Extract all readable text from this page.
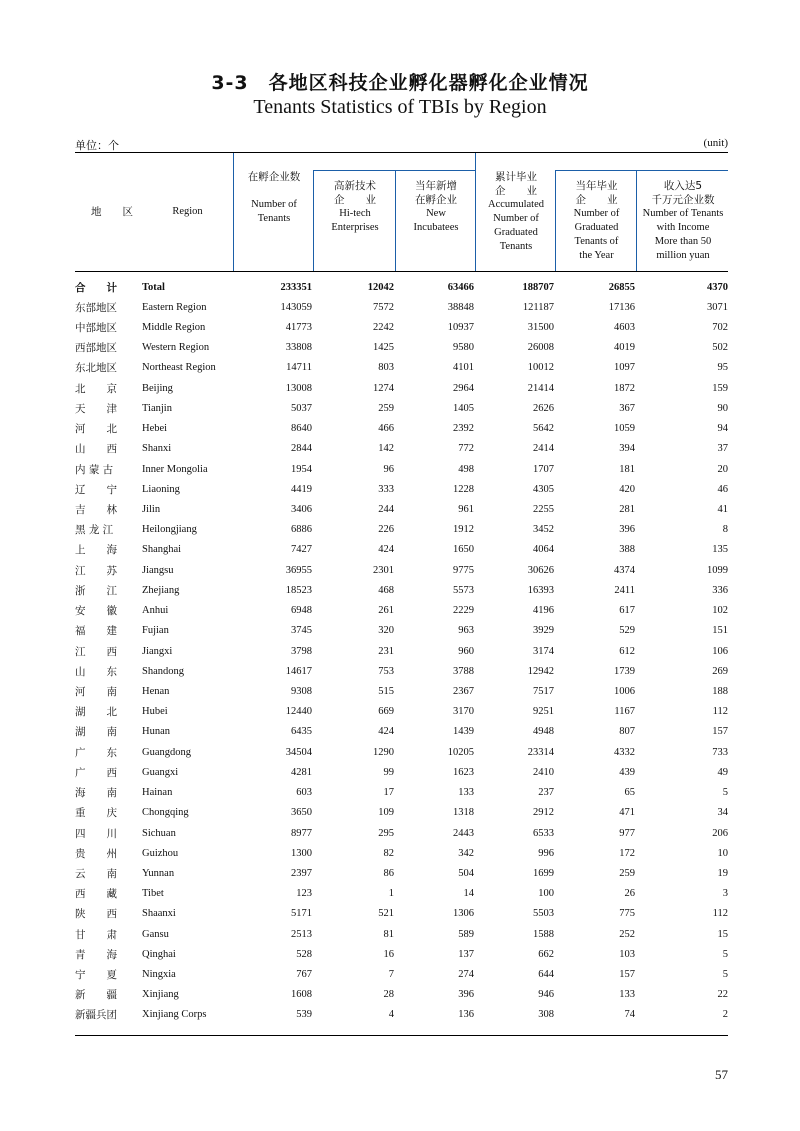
3-3　各地区科技企业孵化器孵化企业情况
Tenants Statistics of TBIs by Region
单位：个	(unit)
地　　区	Region
在孵企业数
Number of
Tenants
高新技术
企　　业
Hi-tech
Enterprises
当年新增
在孵企业
New
Incubatees
累计毕业
企　　业
Accumulated
Number of
Graduated
Tenants
当年毕业
企　　业
Number of
Graduated
Tenants of
the Year
收入达5
千万元企业数
Number of Tenants
with Income
More than 50
million yuan
合　　计	Total	233351	12042	63466	188707	26855	4370
东部地区	Eastern Region	143059	7572	38848	121187	17136	3071
中部地区	Middle Region	41773	2242	10937	31500	4603	702
西部地区	Western Region	33808	1425	9580	26008	4019	502
东北地区	Northeast Region	14711	803	4101	10012	1097	95
北　　京	Beijing	13008	1274	2964	21414	1872	159
天　　津	Tianjin	5037	259	1405	2626	367	90
河　　北	Hebei	8640	466	2392	5642	1059	94
山　　西	Shanxi	2844	142	772	2414	394	37
内 蒙 古	Inner Mongolia	1954	96	498	1707	181	20
辽　　宁	Liaoning	4419	333	1228	4305	420	46
吉　　林	Jilin	3406	244	961	2255	281	41
黑 龙 江	Heilongjiang	6886	226	1912	3452	396	8
上　　海	Shanghai	7427	424	1650	4064	388	135
江　　苏	Jiangsu	36955	2301	9775	30626	4374	1099
浙　　江	Zhejiang	18523	468	5573	16393	2411	336
安　　徽	Anhui	6948	261	2229	4196	617	102
福　　建	Fujian	3745	320	963	3929	529	151
江　　西	Jiangxi	3798	231	960	3174	612	106
山　　东	Shandong	14617	753	3788	12942	1739	269
河　　南	Henan	9308	515	2367	7517	1006	188
湖　　北	Hubei	12440	669	3170	9251	1167	112
湖　　南	Hunan	6435	424	1439	4948	807	157
广　　东	Guangdong	34504	1290	10205	23314	4332	733
广　　西	Guangxi	4281	99	1623	2410	439	49
海　　南	Hainan	603	17	133	237	65	5
重　　庆	Chongqing	3650	109	1318	2912	471	34
四　　川	Sichuan	8977	295	2443	6533	977	206
贵　　州	Guizhou	1300	82	342	996	172	10
云　　南	Yunnan	2397	86	504	1699	259	19
西　　藏	Tibet	123	1	14	100	26	3
陕　　西	Shaanxi	5171	521	1306	5503	775	112
甘　　肃	Gansu	2513	81	589	1588	252	15
青　　海	Qinghai	528	16	137	662	103	5
宁　　夏	Ningxia	767	7	274	644	157	5
新　　疆	Xinjiang	1608	28	396	946	133	22
新疆兵团	Xinjiang Corps	539	4	136	308	74	2
57
